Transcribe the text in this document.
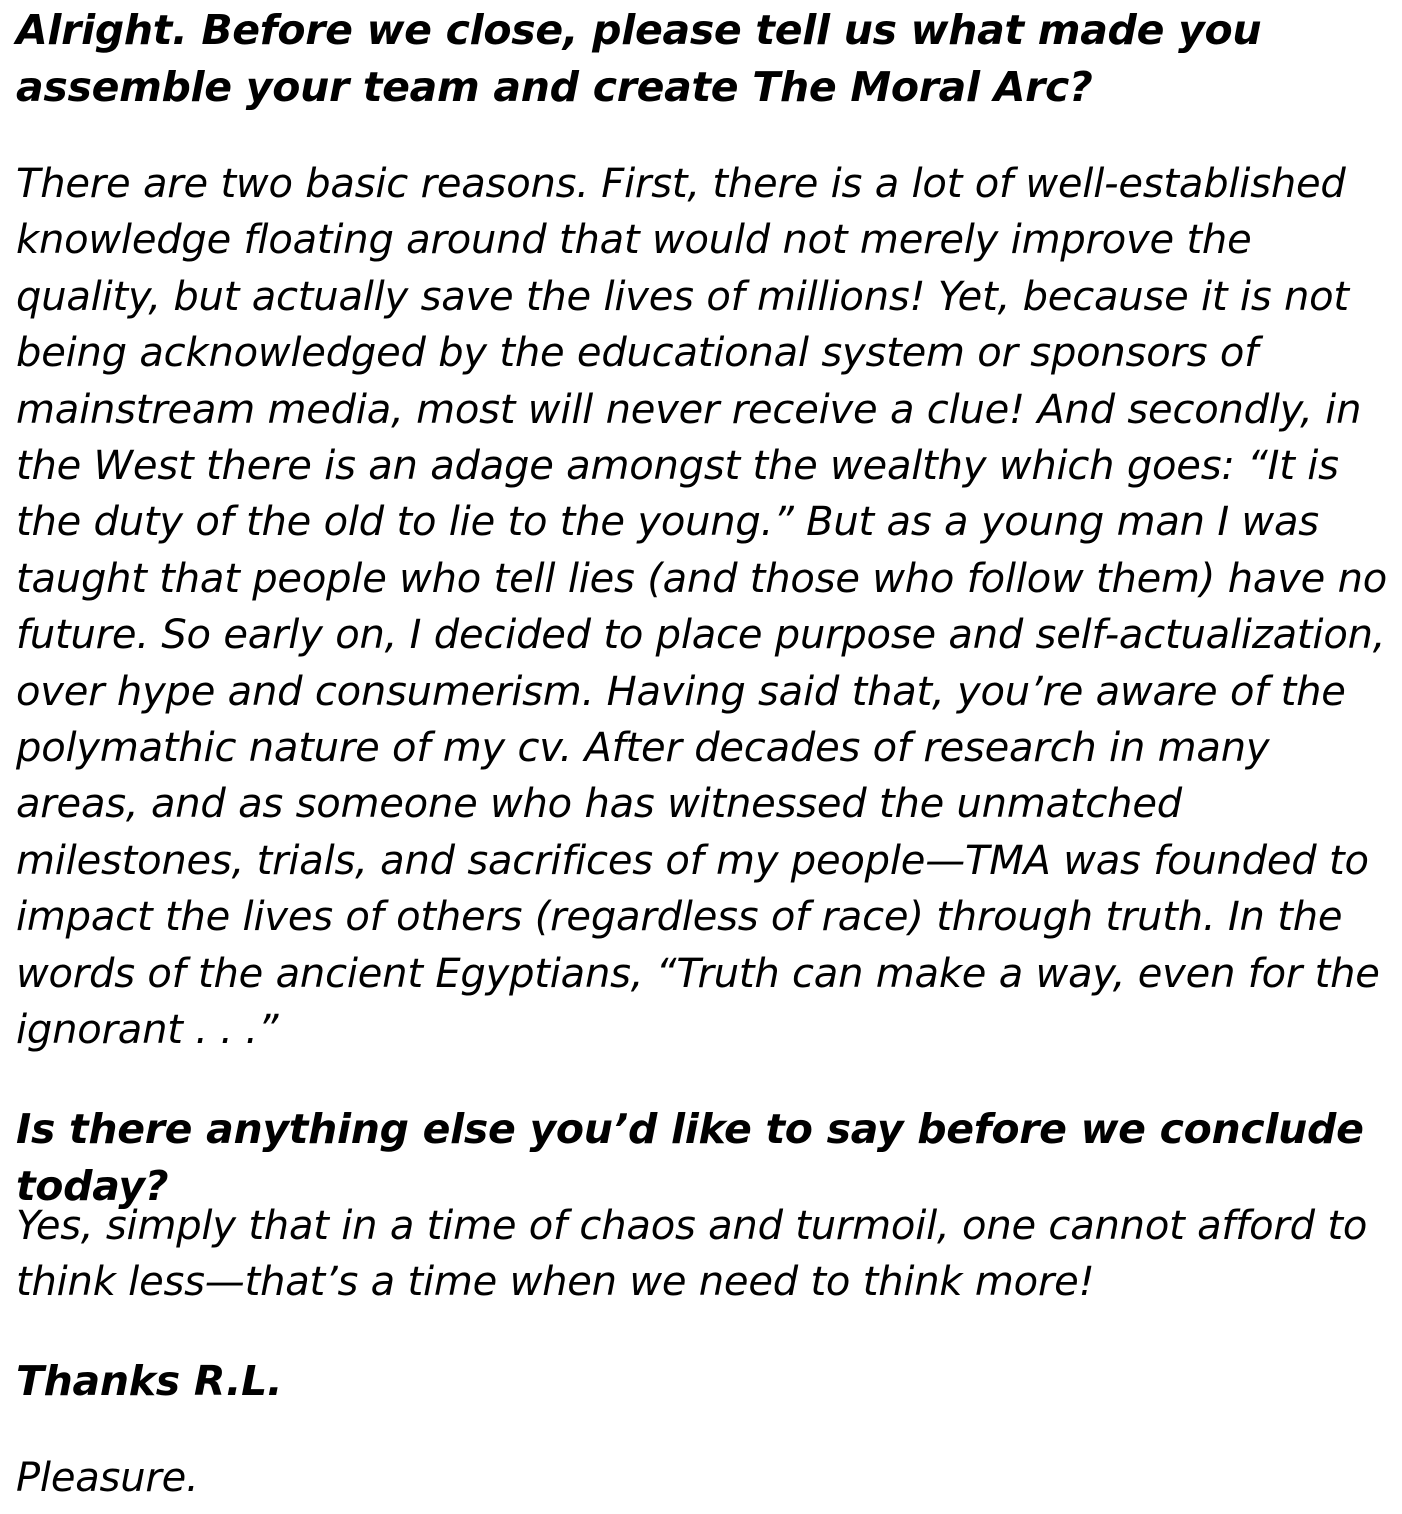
Alright. Before we close, please tell us what made you assemble your team and create The Moral Arc?

There are two basic reasons. First, there is a lot of well-established knowledge floating around that would not merely improve the quality, but actually save the lives of millions! Yet, because it is not being acknowledged by the educational system or sponsors of mainstream media, most will never receive a clue! And secondly, in the West there is an adage amongst the wealthy which goes: “It is the duty of the old to lie to the young.” But as a young man I was taught that people who tell lies (and those who follow them) have no future. So early on, I decided to place purpose and self-actualization, over hype and consumerism. Having said that, you’re aware of the polymathic nature of my cv. After decades of research in many areas, and as someone who has witnessed the unmatched milestones, trials, and sacrifices of my people—TMA was founded to impact the lives of others (regardless of race) through truth. In the words of the ancient Egyptians, “Truth can make a way, even for the ignorant . . .”

Is there anything else you’d like to say before we conclude today?

Yes, simply that in a time of chaos and turmoil, one cannot afford to think less—that’s a time when we need to think more!

Thanks R.L.

Pleasure.
